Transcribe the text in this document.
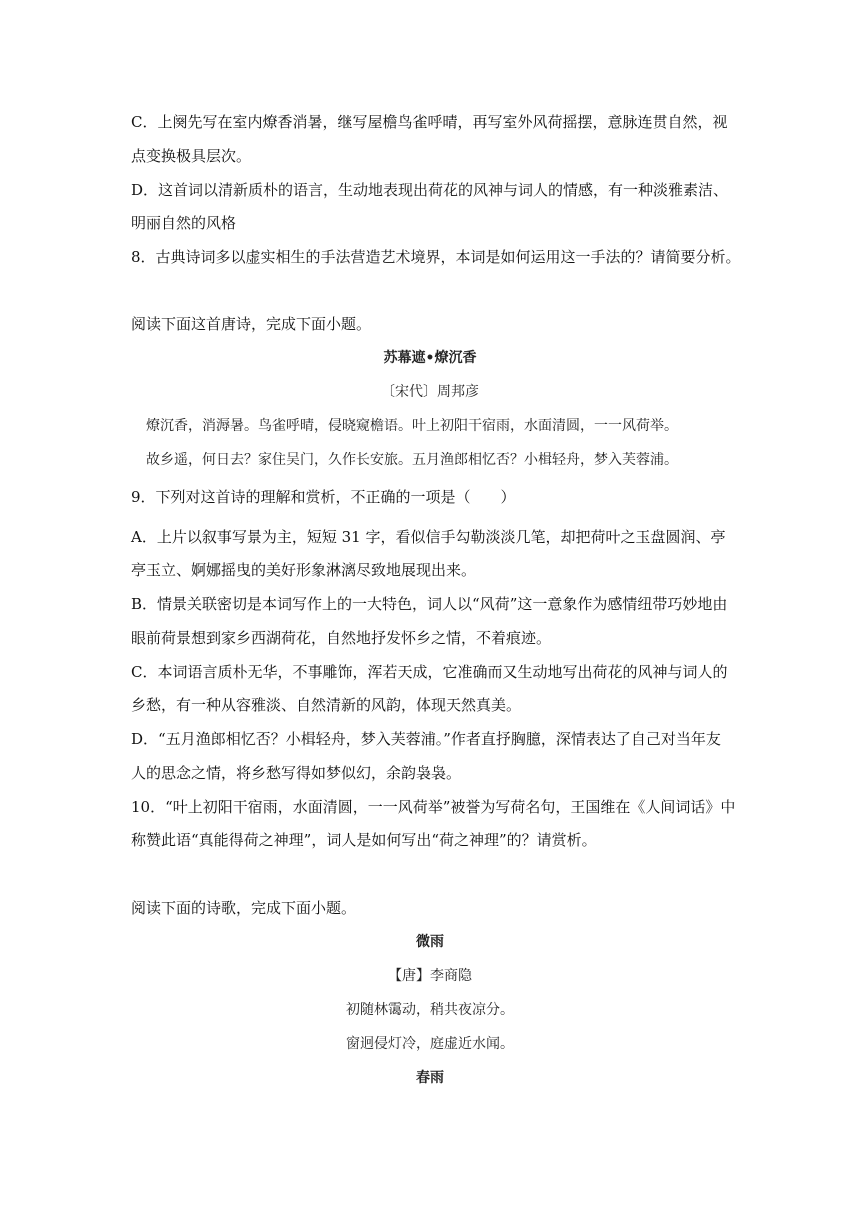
C．上阕先写在室内燎香消暑，继写屋檐鸟雀呼晴，再写室外风荷摇摆，意脉连贯自然，视
点变换极具层次。
D．这首词以清新质朴的语言，生动地表现出荷花的风神与词人的情感，有一种淡雅素洁、
明丽自然的风格
8．古典诗词多以虚实相生的手法营造艺术境界，本词是如何运用这一手法的？请简要分析。
阅读下面这首唐诗，完成下面小题。
苏幕遮•燎沉香
〔宋代〕周邦彦
燎沉香，消溽暑。鸟雀呼晴，侵晓窥檐语。叶上初阳干宿雨，水面清圆，一一风荷举。
故乡遥，何日去？家住吴门，久作长安旅。五月渔郎相忆否？小楫轻舟，梦入芙蓉浦。
9．下列对这首诗的理解和赏析，不正确的一项是（　　）
A．上片以叙事写景为主，短短 31 字，看似信手勾勒淡淡几笔，却把荷叶之玉盘圆润、亭
亭玉立、婀娜摇曳的美好形象淋漓尽致地展现出来。
B．情景关联密切是本词写作上的一大特色，词人以“风荷”这一意象作为感情纽带巧妙地由
眼前荷景想到家乡西湖荷花，自然地抒发怀乡之情，不着痕迹。
C．本词语言质朴无华，不事雕饰，浑若天成，它准确而又生动地写出荷花的风神与词人的
乡愁，有一种从容雅淡、自然清新的风韵，体现天然真美。
D．“五月渔郎相忆否？小楫轻舟，梦入芙蓉浦。”作者直抒胸臆，深情表达了自己对当年友
人的思念之情，将乡愁写得如梦似幻，余韵袅袅。
10．“叶上初阳干宿雨，水面清圆，一一风荷举”被誉为写荷名句，王国维在《人间词话》中
称赞此语“真能得荷之神理”，词人是如何写出“荷之神理”的？请赏析。
阅读下面的诗歌，完成下面小题。
微雨
【唐】李商隐
初随林霭动，稍共夜凉分。
窗迥侵灯冷，庭虚近水闻。
春雨
